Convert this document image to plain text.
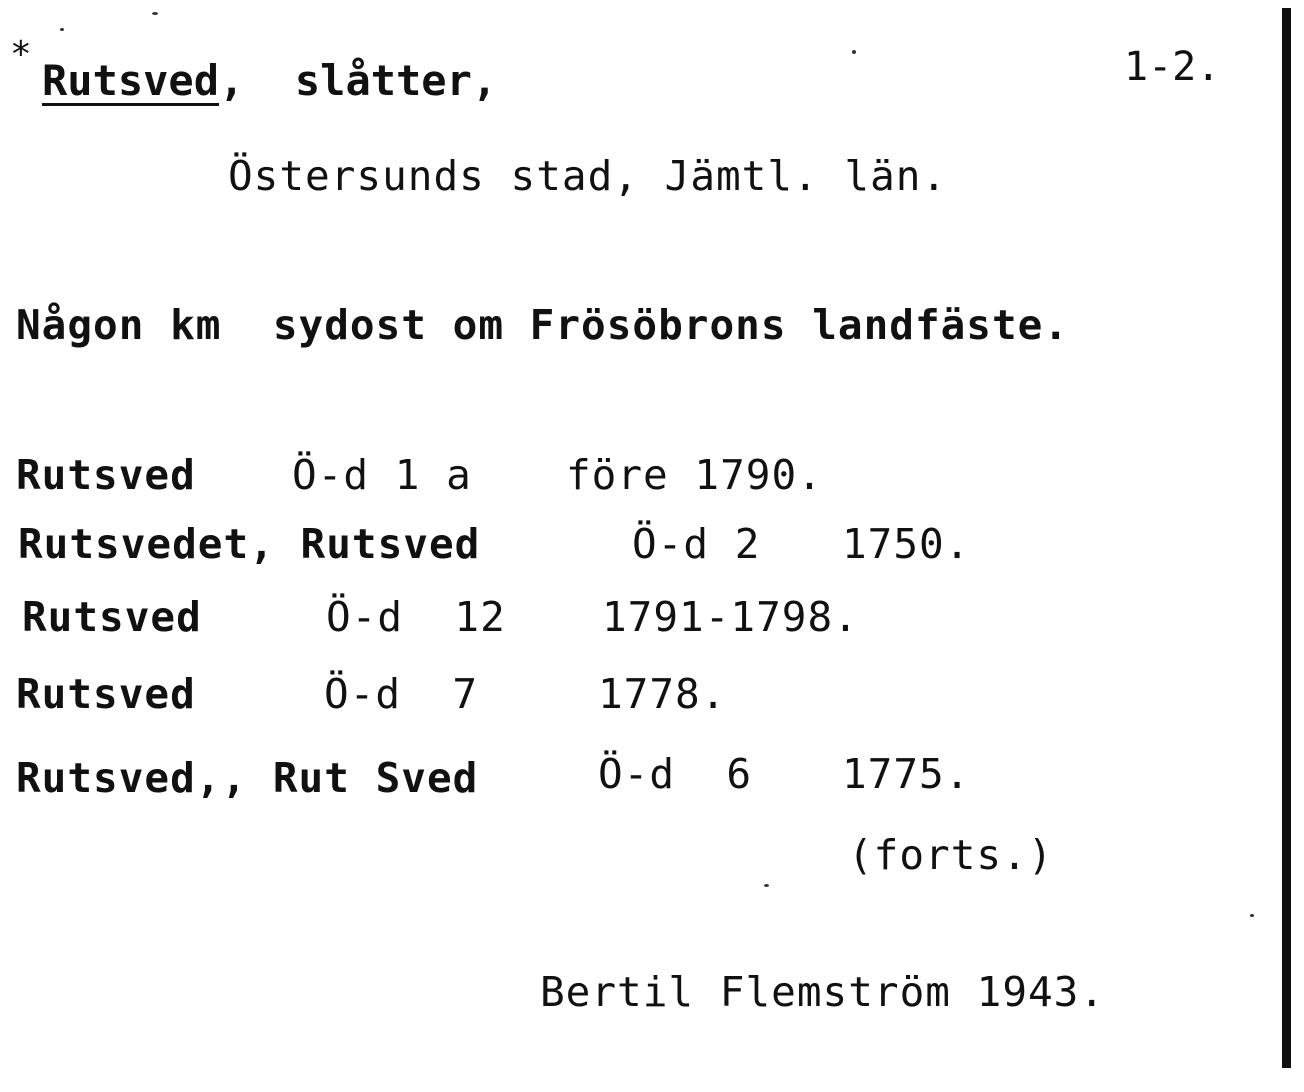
*
Rutsved,  slåtter,	1-2.
Östersunds stad, Jämtl. län.
Någon km  sydost om Frösöbrons landfäste.
Rutsved Ö-d 1 a före 1790.
Rutsvedet, Rutsved	Ö-d 2 1750.
Rutsved	Ö-d  12 1791-1798.
Rutsved	Ö-d  7	1778.
Rutsved,, Rut Sved	Ö-d  6 1775.
(forts.)
Bertil Flemström 1943.
